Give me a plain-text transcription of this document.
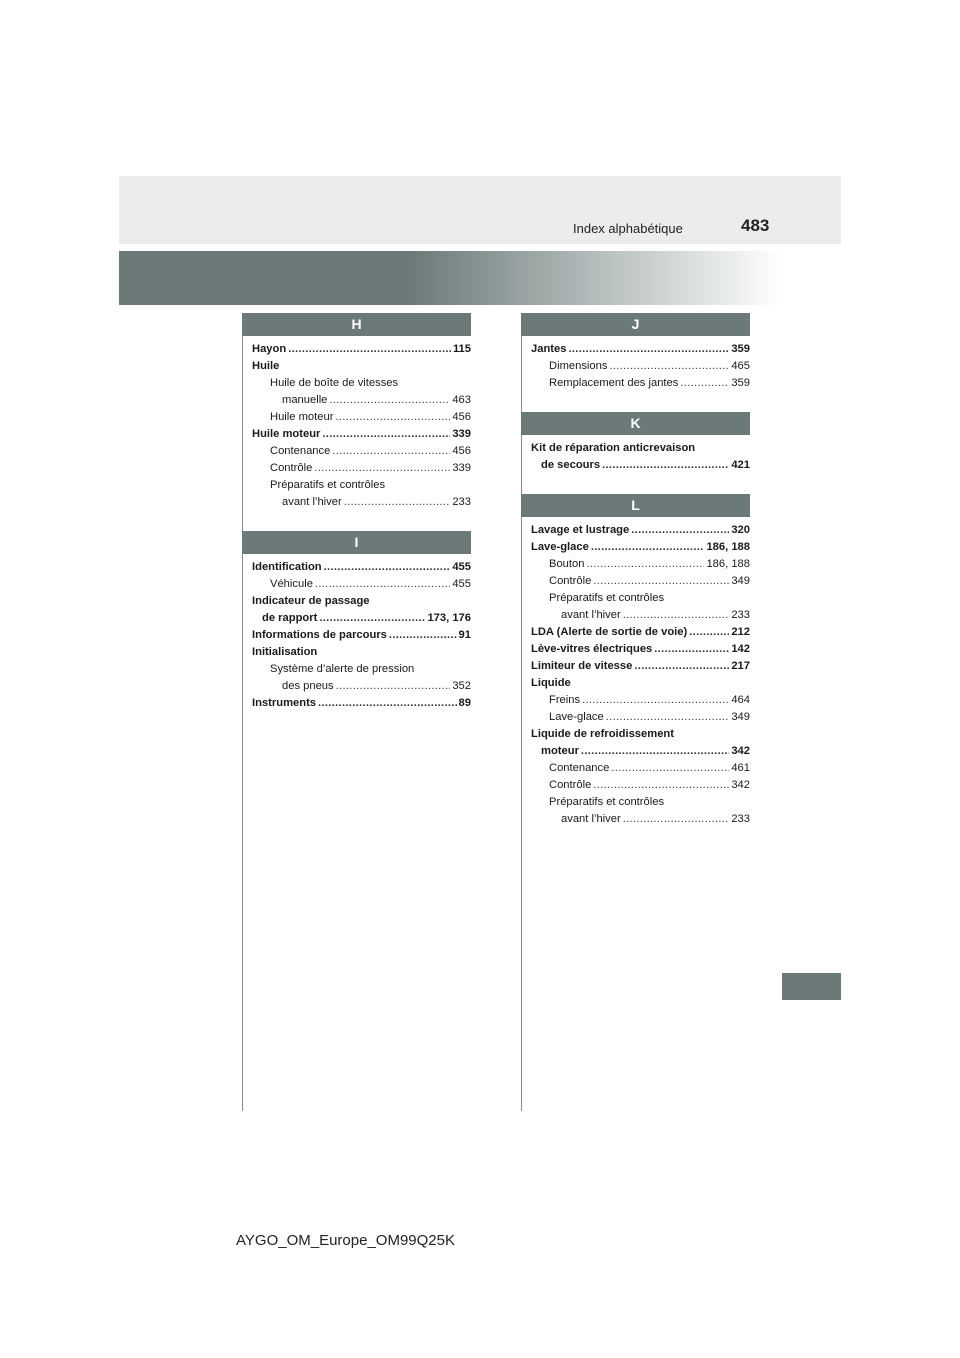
Index alphabétique	483
H
Hayon . . .	115
Huile
Huile de boîte de vitesses
manuelle . . .	463
Huile moteur . . .	456
Huile moteur . . .	339
Contenance . . .	456
Contrôle . . .	339
Préparatifs et contrôles
avant l’hiver . . .	233
I
Identification . . .	455
Véhicule . . .	455
Indicateur de passage
de rapport . . .	173, 176
Informations de parcours . . .	91
Initialisation
Système d’alerte de pression
des pneus . . .	352
Instruments . . .	89
J
Jantes . . .	359
Dimensions . . .	465
Remplacement des jantes . . .	359
K
Kit de réparation anticrevaison
de secours . . .	421
L
Lavage et lustrage . . .	320
Lave-glace . . .	186, 188
Bouton . . .	186, 188
Contrôle . . .	349
Préparatifs et contrôles
avant l’hiver . . .	233
LDA (Alerte de sortie de voie) . . .	212
Lève-vitres électriques . . .	142
Limiteur de vitesse . . .	217
Liquide
Freins . . .	464
Lave-glace . . .	349
Liquide de refroidissement
moteur . . .	342
Contenance . . .	461
Contrôle . . .	342
Préparatifs et contrôles
avant l’hiver . . .	233
AYGO_OM_Europe_OM99Q25K
